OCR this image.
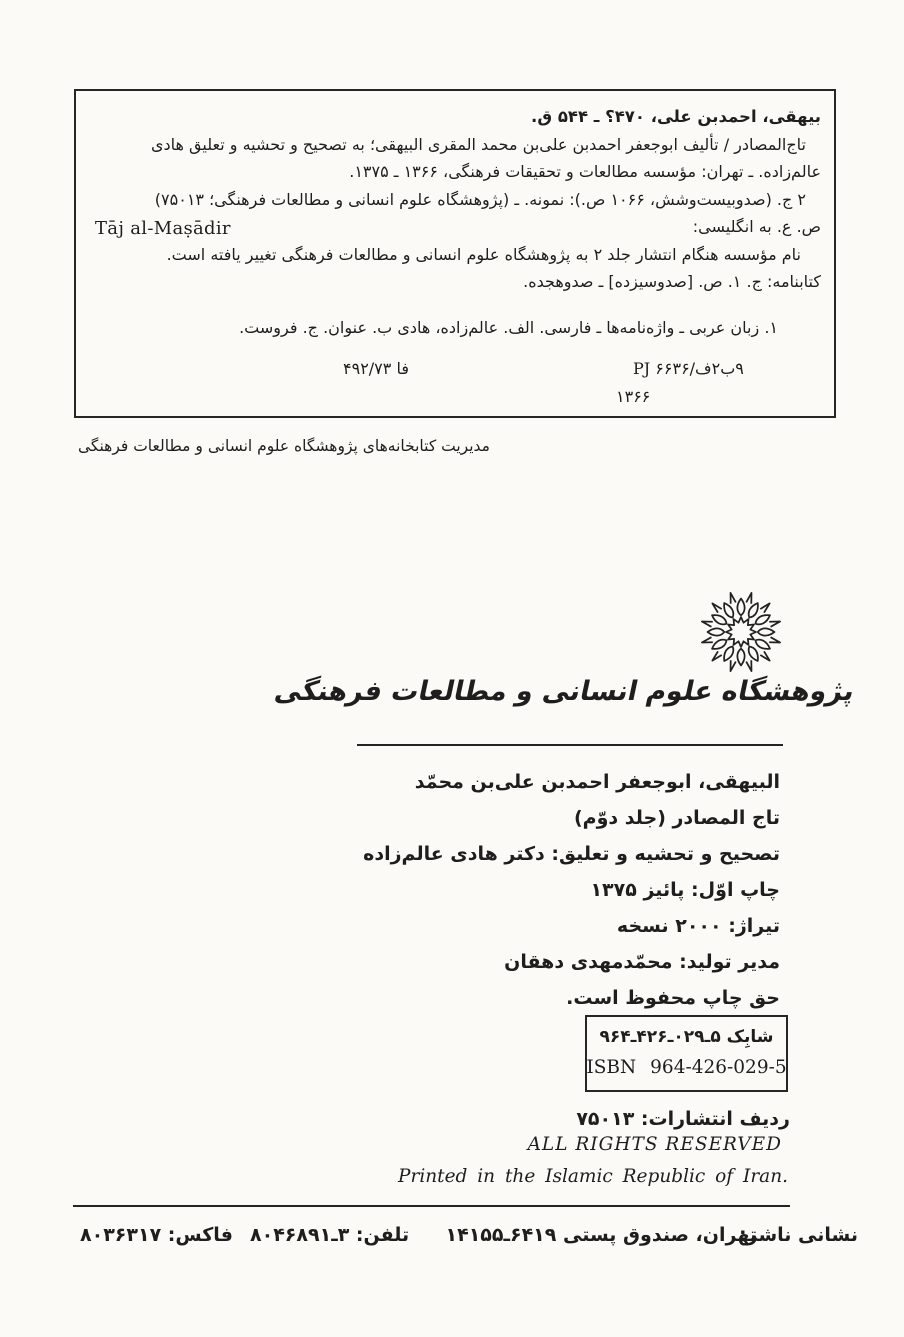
بیهقی، احمدبن علی، ۴۷۰؟ ـ ۵۴۴ ق.
تاج‌المصادر / تألیف ابوجعفر احمدبن علی‌بن محمد المقری البیهقی؛ به تصحیح و تحشیه و تعلیق هادی
عالم‌زاده. ـ تهران: مؤسسه مطالعات و تحقیقات فرهنگی، ۱۳۶۶ ـ ۱۳۷۵.
۲ ج. (صدوبیست‌وشش، ۱۰۶۶ ص.): نمونه. ـ (پژوهشگاه علوم انسانی و مطالعات فرهنگی؛ ۷۵۰۱۳)
ص. ع. به انگلیسی:
Tāj al-Maṣādir
نام مؤسسه هنگام انتشار جلد ۲ به پژوهشگاه علوم انسانی و مطالعات فرهنگی تغییر یافته است.
کتابنامه: ج. ۱. ص. [صدوسیزده] ـ صدوهجده.
۱. زبان عربی ـ واژه‌نامه‌ها ـ فارسی. الف. عالم‌زاده، هادی ب. عنوان. ج. فروست.
فا ۴۹۲/۷۳	PJ ۶۶۳۶/ف۲ب۹
۱۳۶۶
مدیریت کتابخانه‌های پژوهشگاه علوم انسانی و مطالعات فرهنگی
پژوهشگاه علوم انسانی و مطالعات فرهنگی
البیهقی، ابوجعفر احمدبن علی‌بن محمّد
تاج المصادر (جلد دوّم)
تصحیح و تحشیه و تعلیق: دکتر هادی عالم‌زاده
چاپ اوّل: پائیز ۱۳۷۵
تیراژ: ۲۰۰۰ نسخه
مدیر تولید: محمّدمهدی دهقان
حق چاپ محفوظ است.
شابِک ۵ـ۰۲۹ـ۴۲۶ـ۹۶۴
ISBN 964-426-029-5
ردیف انتشارات: ۷۵۰۱۳
ALL RIGHTS RESERVED
Printed in the Islamic Republic of Iran.
نشانی ناشر:
تهران، صندوق پستی ۶۴۱۹ـ۱۴۱۵۵
تلفن: ۳ـ۸۰۴۶۸۹۱
فاکس: ۸۰۳۶۳۱۷
